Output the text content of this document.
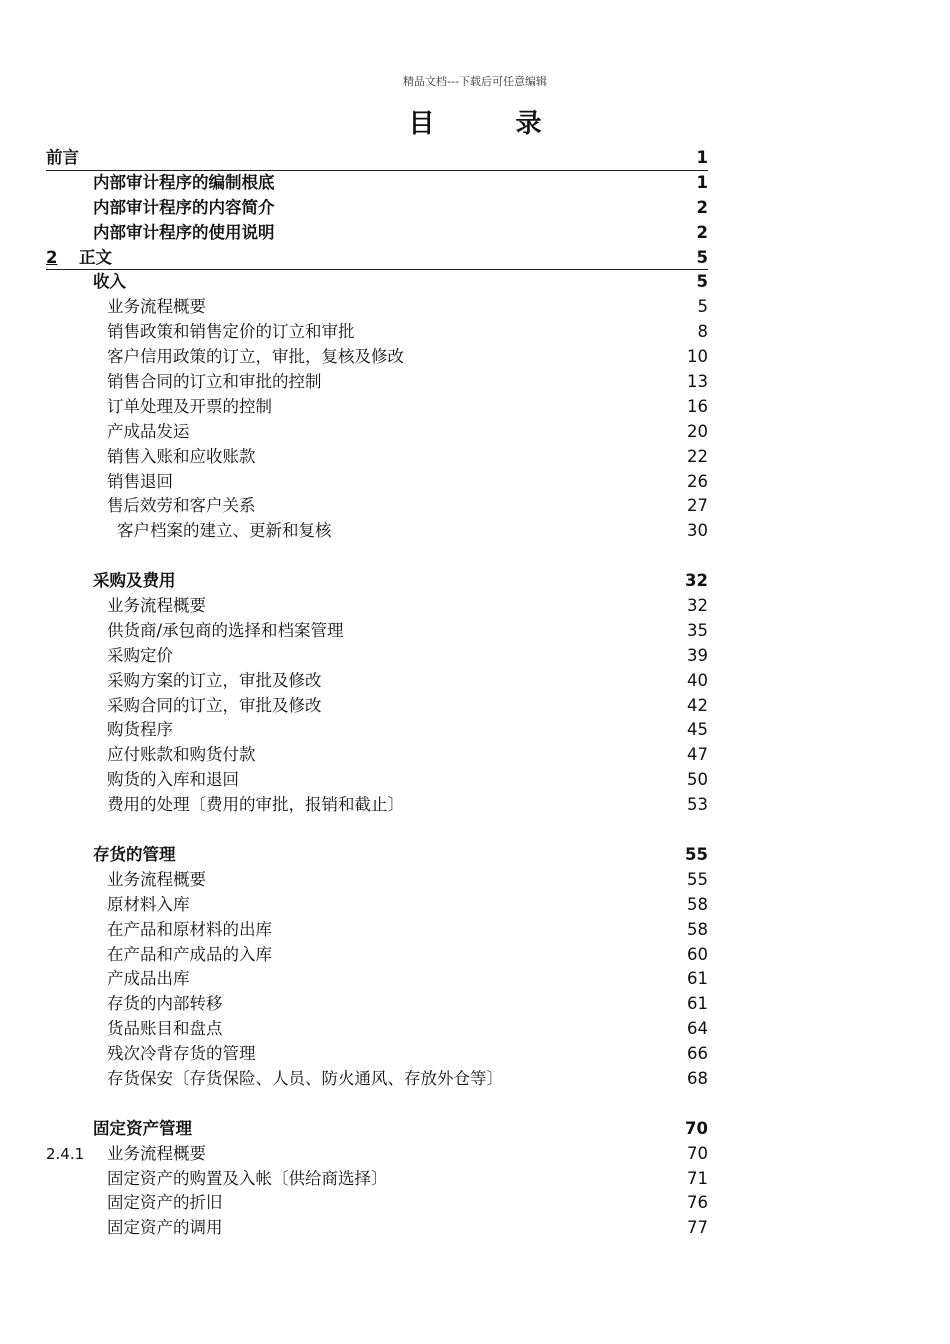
精品文档---下载后可任意编辑
目 录
前言	1
内部审计程序的编制根底	1
内部审计程序的内容简介	2
内部审计程序的使用说明	2
2 正文	5
收入	5
业务流程概要	5
销售政策和销售定价的订立和审批	8
客户信用政策的订立，审批，复核及修改	10
销售合同的订立和审批的控制	13
订单处理及开票的控制	16
产成品发运	20
销售入账和应收账款	22
销售退回	26
售后效劳和客户关系	27
客户档案的建立、更新和复核	30
采购及费用	32
业务流程概要	32
供货商/承包商的选择和档案管理	35
采购定价	39
采购方案的订立，审批及修改	40
采购合同的订立，审批及修改	42
购货程序	45
应付账款和购货付款	47
购货的入库和退回	50
费用的处理〔费用的审批，报销和截止〕	53
存货的管理	55
业务流程概要	55
原材料入库	58
在产品和原材料的出库	58
在产品和产成品的入库	60
产成品出库	61
存货的内部转移	61
货品账目和盘点	64
残次冷背存货的管理	66
存货保安〔存货保险、人员、防火通风、存放外仓等〕	68
固定资产管理	70
2.4.1 业务流程概要	70
固定资产的购置及入帐〔供给商选择〕	71
固定资产的折旧	76
固定资产的调用	77
